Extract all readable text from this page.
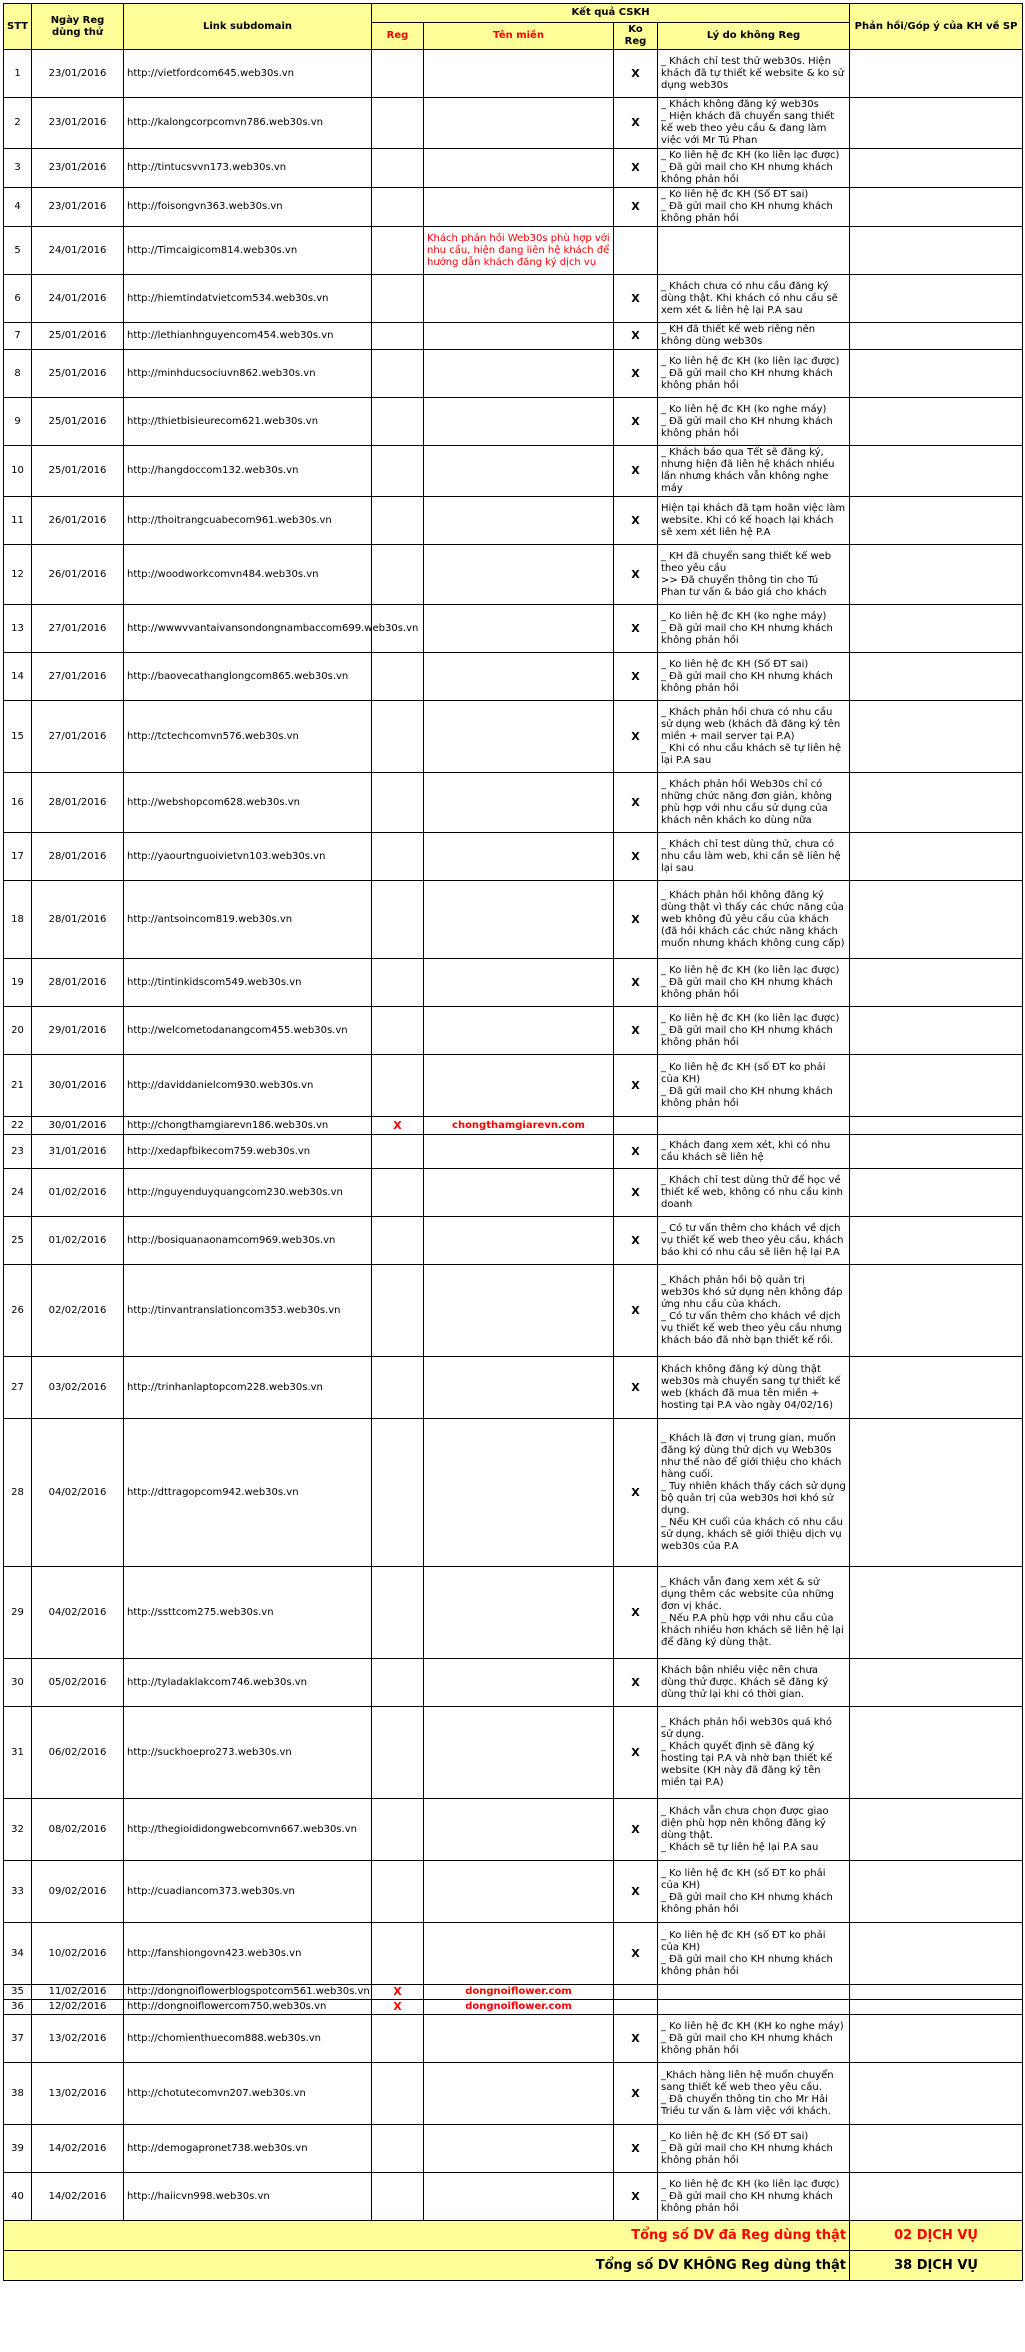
STT	Ngày Reg dùng thử	Link subdomain	Kết quả CSKH				Phản hồi/Góp ý của KH về SP
			Reg	Tên miền	Ko Reg	Lý do không Reg	
1	23/01/2016	http://vietfordcom645.web30s.vn			X	_ Khách chỉ test thử web30s. Hiện khách đã tự thiết kế website & ko sử dụng web30s	
2	23/01/2016	http://kalongcorpcomvn786.web30s.vn			X	_ Khách không đăng ký web30s
_ Hiện khách đã chuyển sang thiết kế web theo yêu cầu & đang làm việc với Mr Tú Phan	
3	23/01/2016	http://tintucsvvn173.web30s.vn			X	_ Ko liên hệ đc KH (ko liên lạc được)
_ Đã gửi mail cho KH nhưng khách không phản hồi	
4	23/01/2016	http://foisongvn363.web30s.vn			X	_ Ko liên hệ đc KH (Số ĐT sai)
_ Đã gửi mail cho KH nhưng khách không phản hồi	
5	24/01/2016	http://Timcaigicom814.web30s.vn		Khách phản hồi Web30s phù hợp với nhu cầu, hiện đang liên hệ khách để hướng dẫn khách đăng ký dịch vụ			
6	24/01/2016	http://hiemtindatvietcom534.web30s.vn			X	_ Khách chưa có nhu cầu đăng ký dùng thật. Khi khách có nhu cầu sẽ xem xét & liên hệ lại P.A sau	
7	25/01/2016	http://lethianhnguyencom454.web30s.vn			X	_ KH đã thiết kế web riêng nên không dùng web30s	
8	25/01/2016	http://minhducsociuvn862.web30s.vn			X	_ Ko liên hệ đc KH (ko liên lạc được)
_ Đã gửi mail cho KH nhưng khách không phản hồi	
9	25/01/2016	http://thietbisieurecom621.web30s.vn			X	_ Ko liên hệ đc KH (ko nghe máy)
_ Đã gửi mail cho KH nhưng khách không phản hồi	
10	25/01/2016	http://hangdoccom132.web30s.vn			X	_ Khách báo qua Tết sẽ đăng ký, nhưng hiện đã liên hệ khách nhiều lần nhưng khách vẫn không nghe máy	
11	26/01/2016	http://thoitrangcuabecom961.web30s.vn			X	Hiện tại khách đã tạm hoãn việc làm website. Khi có kế hoạch lại khách sẽ xem xét liên hệ P.A	
12	26/01/2016	http://woodworkcomvn484.web30s.vn			X	_ KH đã chuyển sang thiết kế web theo yêu cầu
>> Đã chuyển thông tin cho Tú Phan tư vấn & báo giá cho khách	
13	27/01/2016	http://wwwvvantaivansondongnambaccom699.web30s.vn			X	_ Ko liên hệ đc KH (ko nghe máy)
_ Đã gửi mail cho KH nhưng khách không phản hồi	
14	27/01/2016	http://baovecathanglongcom865.web30s.vn			X	_ Ko liên hệ đc KH (Số ĐT sai)
_ Đã gửi mail cho KH nhưng khách không phản hồi	
15	27/01/2016	http://tctechcomvn576.web30s.vn			X	_ Khách phản hồi chưa có nhu cầu sử dụng web (khách đã đăng ký tên miền + mail server tại P.A)
_ Khi có nhu cầu khách sẽ tự liên hệ lại P.A sau	
16	28/01/2016	http://webshopcom628.web30s.vn			X	_ Khách phản hồi Web30s chỉ có những chức năng đơn giản, không phù hợp với nhu cầu sử dụng của khách nên khách ko dùng nữa	
17	28/01/2016	http://yaourtnguoivietvn103.web30s.vn			X	_ Khách chỉ test dùng thử, chưa có nhu cầu làm web, khi cần sẽ liên hệ lại sau	
18	28/01/2016	http://antsoincom819.web30s.vn			X	_ Khách phản hồi không đăng ký dùng thật vì thấy các chức năng của web không đủ yêu cầu của khách (đã hỏi khách các chức năng khách muốn nhưng khách không cung cấp)	
19	28/01/2016	http://tintinkidscom549.web30s.vn			X	_ Ko liên hệ đc KH (ko liên lạc được)
_ Đã gửi mail cho KH nhưng khách không phản hồi	
20	29/01/2016	http://welcometodanangcom455.web30s.vn			X	_ Ko liên hệ đc KH (ko liên lạc được)
_ Đã gửi mail cho KH nhưng khách không phản hồi	
21	30/01/2016	http://daviddanielcom930.web30s.vn			X	_ Ko liên hệ đc KH (số ĐT ko phải của KH)
_ Đã gửi mail cho KH nhưng khách không phản hồi	
22	30/01/2016	http://chongthamgiarevn186.web30s.vn	X	chongthamgiarevn.com			
23	31/01/2016	http://xedapfbikecom759.web30s.vn			X	_ Khách đang xem xét, khi có nhu cầu khách sẽ liên hệ	
24	01/02/2016	http://nguyenduyquangcom230.web30s.vn			X	_ Khách chỉ test dùng thử để học về thiết kế web, không có nhu cầu kinh doanh	
25	01/02/2016	http://bosiquanaonamcom969.web30s.vn			X	_ Có tư vấn thêm cho khách về dịch vụ thiết kế web theo yêu cầu, khách báo khi có nhu cầu sẽ liên hệ lại P.A	
26	02/02/2016	http://tinvantranslationcom353.web30s.vn			X	_ Khách phản hồi bộ quản trị web30s khó sử dụng nên không đáp ứng nhu cầu của khách.
_ Có tư vấn thêm cho khách về dịch vụ thiết kế web theo yêu cầu nhưng khách báo đã nhờ bạn thiết kế rồi.	
27	03/02/2016	http://trinhanlaptopcom228.web30s.vn			X	Khách không đăng ký dùng thật web30s mà chuyển sang tự thiết kế web (khách đã mua tên miền + hosting tại P.A vào ngày 04/02/16)	
28	04/02/2016	http://dttragopcom942.web30s.vn			X	_ Khách là đơn vị trung gian, muốn đăng ký dùng thử dịch vụ Web30s như thế nào để giới thiệu cho khách hàng cuối.
_ Tuy nhiên khách thấy cách sử dụng bộ quản trị của web30s hơi khó sử dụng.
_ Nếu KH cuối của khách có nhu cầu sử dụng, khách sẽ giới thiệu dịch vụ web30s của P.A	
29	04/02/2016	http://ssttcom275.web30s.vn			X	_ Khách vẫn đang xem xét & sử dụng thêm các website của những đơn vị khác.
_ Nếu P.A phù hợp với nhu cầu của khách nhiều hơn khách sẽ liên hệ lại để đăng ký dùng thật.	
30	05/02/2016	http://tyladaklakcom746.web30s.vn			X	Khách bận nhiều việc nên chưa dùng thử được. Khách sẽ đăng ký dùng thử lại khi có thời gian.	
31	06/02/2016	http://suckhoepro273.web30s.vn			X	_ Khách phản hồi web30s quá khó sử dụng.
_ Khách quyết định sẽ đăng ký hosting tại P.A và nhờ bạn thiết kế website (KH này đã đăng ký tên miền tại P.A)	
32	08/02/2016	http://thegioididongwebcomvn667.web30s.vn			X	_ Khách vẫn chưa chọn được giao diện phù hợp nên không đăng ký dùng thật.
_ Khách sẽ tự liên hệ lại P.A sau	
33	09/02/2016	http://cuadiancom373.web30s.vn			X	_ Ko liên hệ đc KH (số ĐT ko phải của KH)
_ Đã gửi mail cho KH nhưng khách không phản hồi	
34	10/02/2016	http://fanshiongovn423.web30s.vn			X	_ Ko liên hệ đc KH (số ĐT ko phải của KH)
_ Đã gửi mail cho KH nhưng khách không phản hồi	
35	11/02/2016	http://dongnoiflowerblogspotcom561.web30s.vn	X	dongnoiflower.com			
36	12/02/2016	http://dongnoiflowercom750.web30s.vn	X	dongnoiflower.com			
37	13/02/2016	http://chomienthuecom888.web30s.vn			X	_ Ko liên hệ đc KH (KH ko nghe máy)
_ Đã gửi mail cho KH nhưng khách không phản hồi	
38	13/02/2016	http://chotutecomvn207.web30s.vn			X	_Khách hàng liên hệ muốn chuyển sang thiết kế web theo yêu cầu.
_ Đã chuyển thông tin cho Mr Hải Triều tư vấn & làm việc với khách.	
39	14/02/2016	http://demogapronet738.web30s.vn			X	_ Ko liên hệ đc KH (Số ĐT sai)
_ Đã gửi mail cho KH nhưng khách không phản hồi	
40	14/02/2016	http://haiicvn998.web30s.vn			X	_ Ko liên hệ đc KH (ko liên lạc được)
_ Đã gửi mail cho KH nhưng khách không phản hồi	
Tổng số DV đã Reg dùng thật							02 DỊCH VỤ
Tổng số DV KHÔNG Reg dùng thật							38 DỊCH VỤ
